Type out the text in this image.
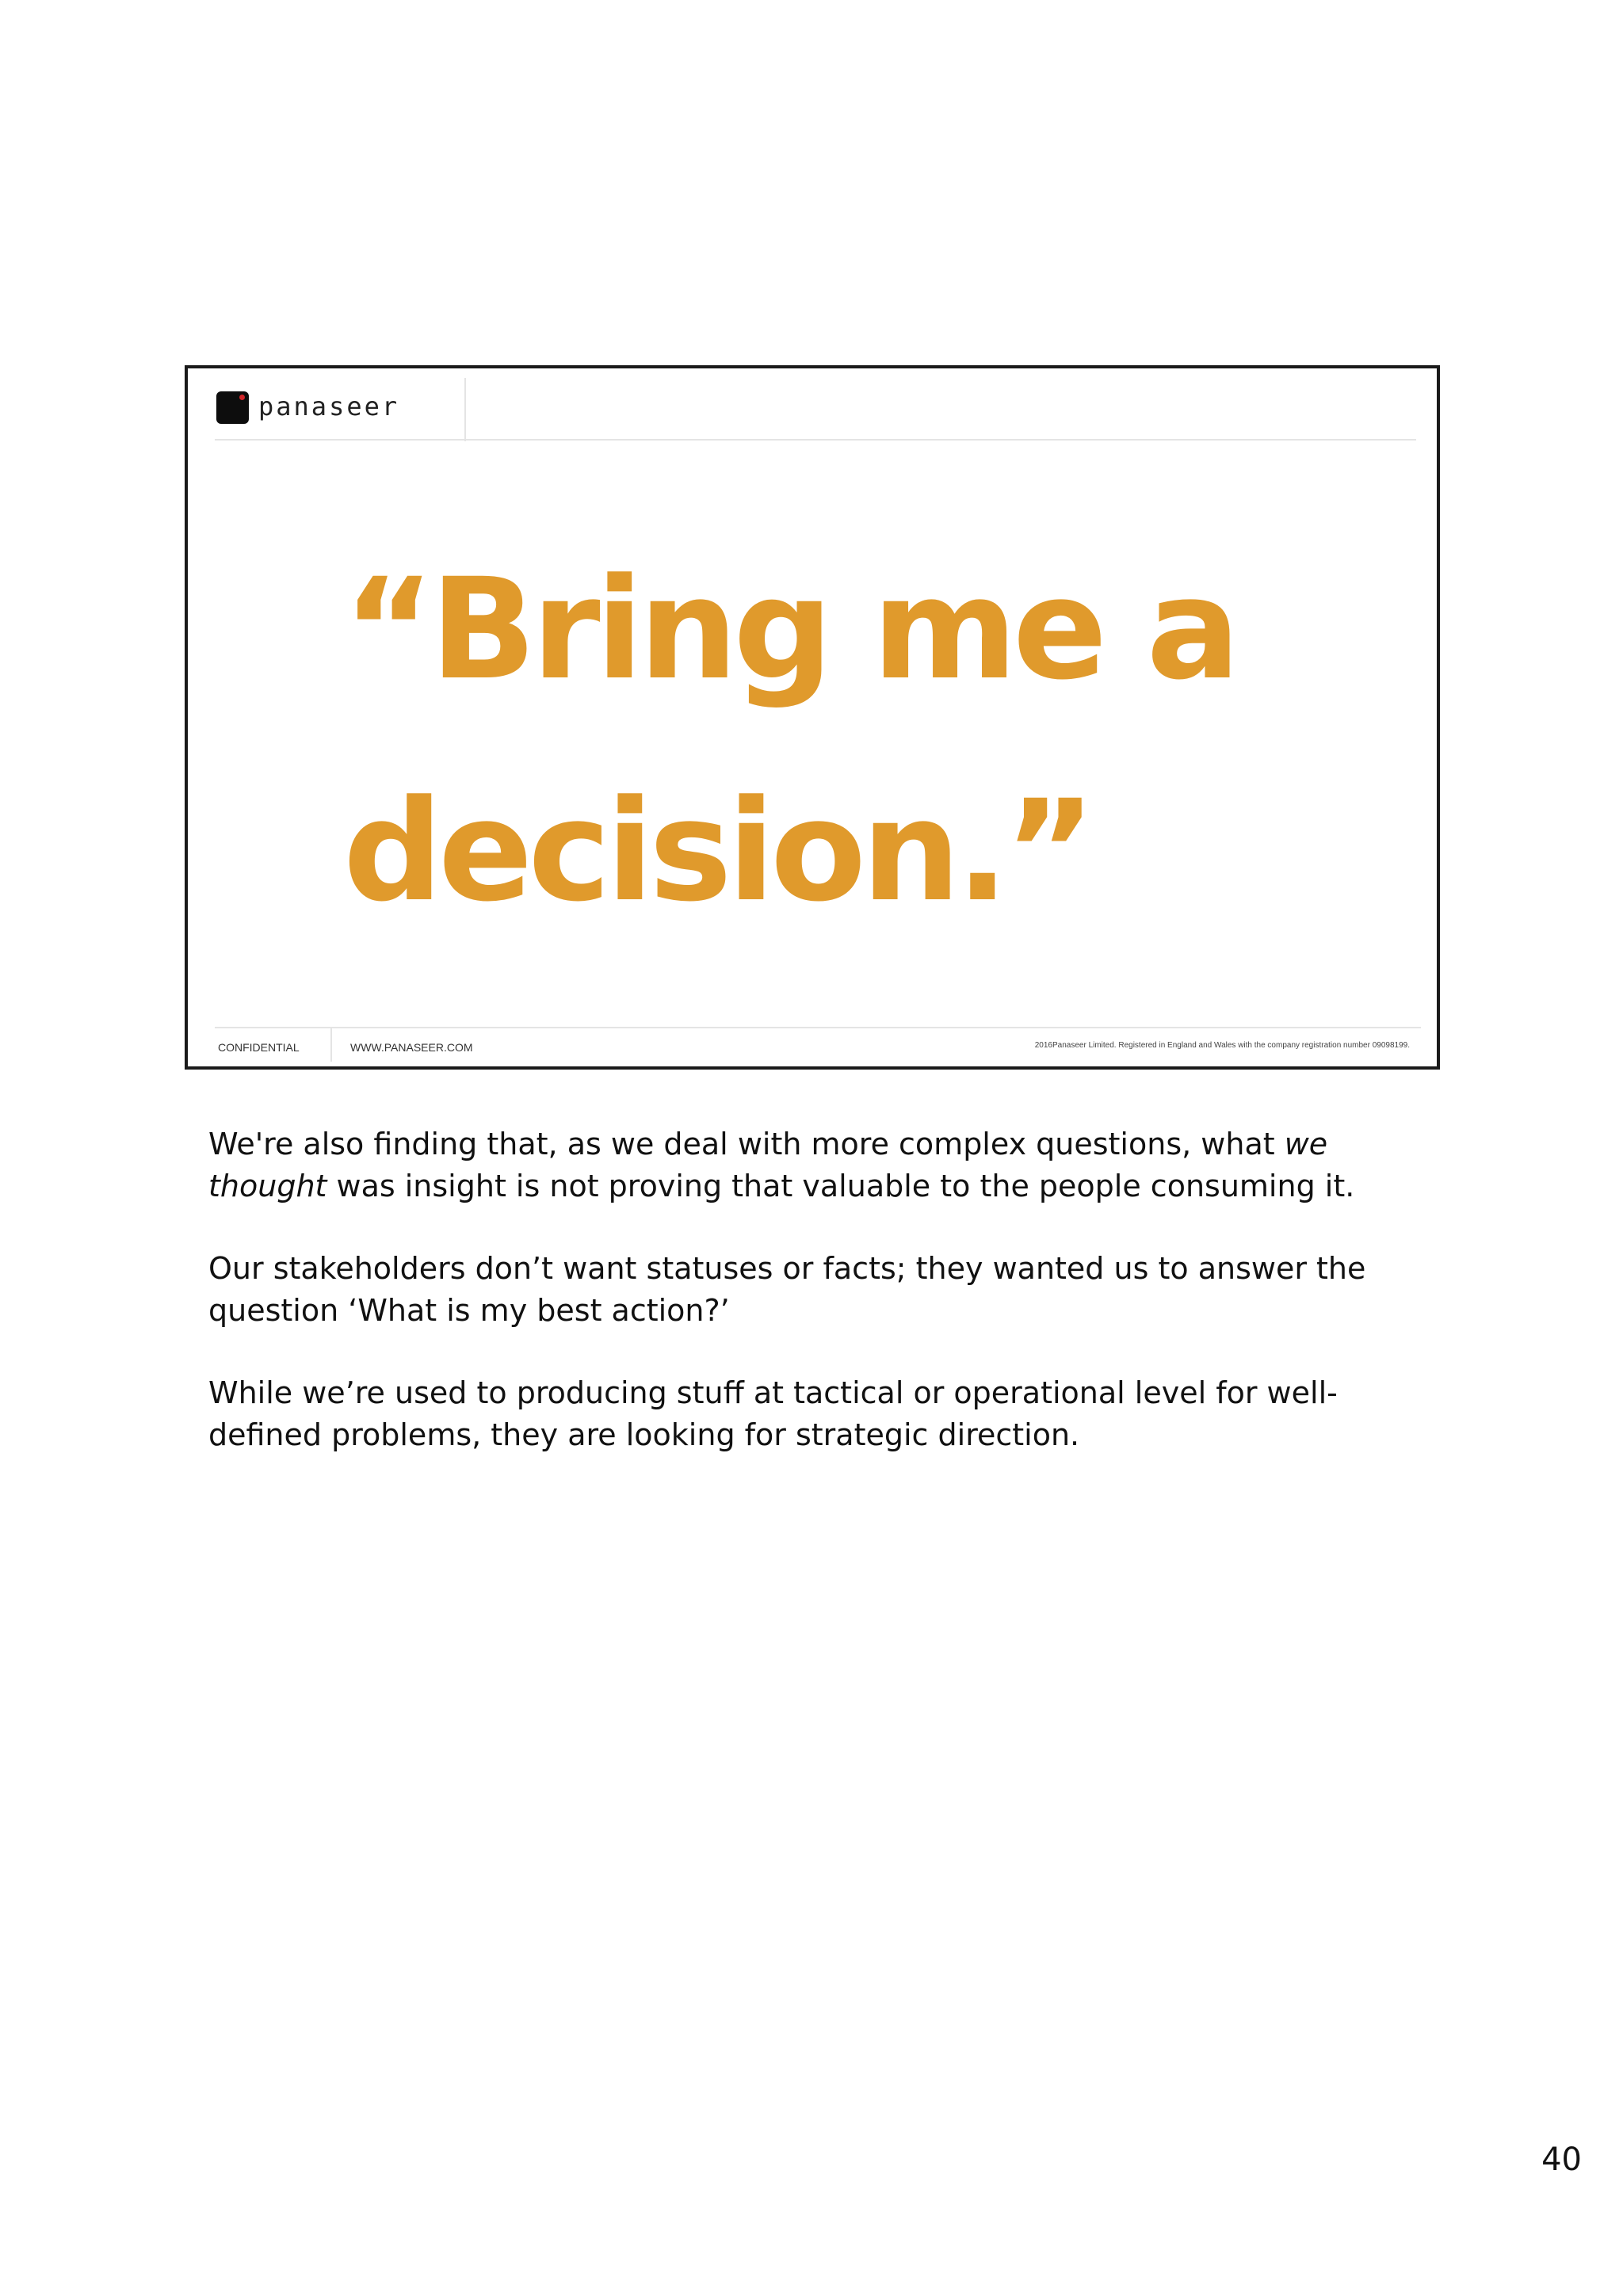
panaseer
“Bring me a
decision.”
CONFIDENTIAL	WWW.PANASEER.COM	2016Panaseer Limited. Registered in England and Wales with the company registration number 09098199.

We're also finding that, as we deal with more complex questions, what we thought was insight is not proving that valuable to the people consuming it.

Our stakeholders don’t want statuses or facts; they wanted us to answer the question ‘What is my best action?’

While we’re used to producing stuff at tactical or operational level for well-defined problems, they are looking for strategic direction.

40
